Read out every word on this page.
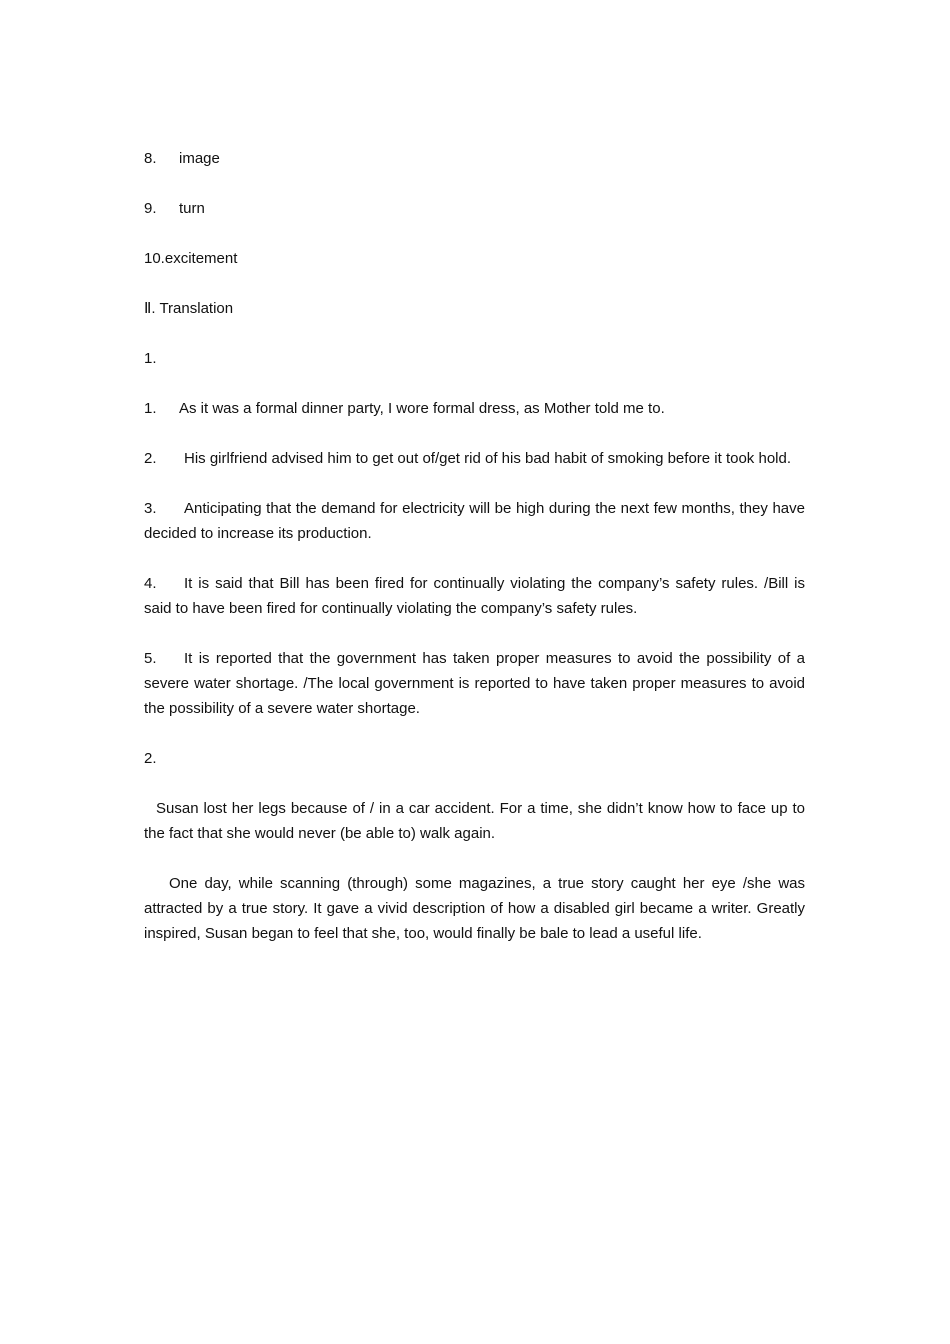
8. image

9. turn

10.excitement

Ⅱ. Translation

1.

1. As it was a formal dinner party, I wore formal dress, as Mother told me to.

2. His girlfriend advised him to get out of/get rid of his bad habit of smoking before it took hold.

3. Anticipating that the demand for electricity will be high during the next few months, they have decided to increase its production.

4. It is said that Bill has been fired for continually violating the company’s safety rules. /Bill is said to have been fired for continually violating the company’s safety rules.

5. It is reported that the government has taken proper measures to avoid the possibility of a severe water shortage. /The local government is reported to have taken proper measures to avoid the possibility of a severe water shortage.

2.

Susan lost her legs because of / in a car accident. For a time, she didn’t know how to face up to the fact that she would never (be able to) walk again.

One day, while scanning (through) some magazines, a true story caught her eye /she was attracted by a true story. It gave a vivid description of how a disabled girl became a writer. Greatly inspired, Susan began to feel that she, too, would finally be bale to lead a useful life.
